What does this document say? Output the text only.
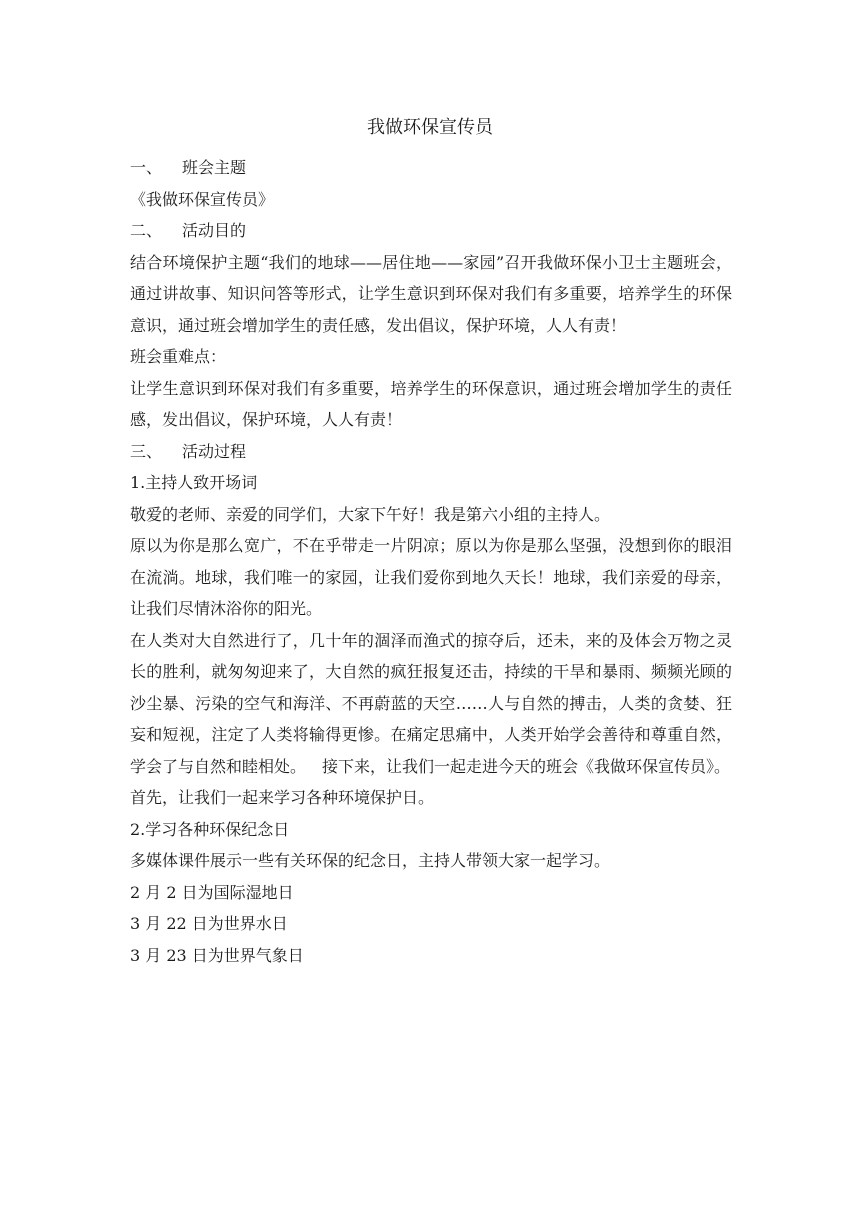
我做环保宣传员

一、 班会主题

《我做环保宣传员》

二、 活动目的

结合环境保护主题“我们的地球——居住地——家园”召开我做环保小卫士主题班会，通过讲故事、知识问答等形式，让学生意识到环保对我们有多重要，培养学生的环保意识，通过班会增加学生的责任感，发出倡议，保护环境，人人有责！

班会重难点：

让学生意识到环保对我们有多重要，培养学生的环保意识，通过班会增加学生的责任感，发出倡议，保护环境，人人有责！

三、 活动过程

1.主持人致开场词

敬爱的老师、亲爱的同学们，大家下午好！我是第六小组的主持人。

原以为你是那么宽广，不在乎带走一片阴凉；原以为你是那么坚强，没想到你的眼泪在流淌。地球，我们唯一的家园，让我们爱你到地久天长！地球，我们亲爱的母亲，让我们尽情沐浴你的阳光。

在人类对大自然进行了，几十年的涸泽而渔式的掠夺后，还未，来的及体会万物之灵长的胜利，就匆匆迎来了，大自然的疯狂报复还击，持续的干旱和暴雨、频频光顾的沙尘暴、污染的空气和海洋、不再蔚蓝的天空……人与自然的搏击，人类的贪婪、狂妄和短视，注定了人类将输得更惨。在痛定思痛中，人类开始学会善待和尊重自然，学会了与自然和睦相处。 接下来，让我们一起走进今天的班会《我做环保宣传员》。

首先，让我们一起来学习各种环境保护日。

2.学习各种环保纪念日

多媒体课件展示一些有关环保的纪念日，主持人带领大家一起学习。

2 月 2 日为国际湿地日

3 月 22 日为世界水日

3 月 23 日为世界气象日
